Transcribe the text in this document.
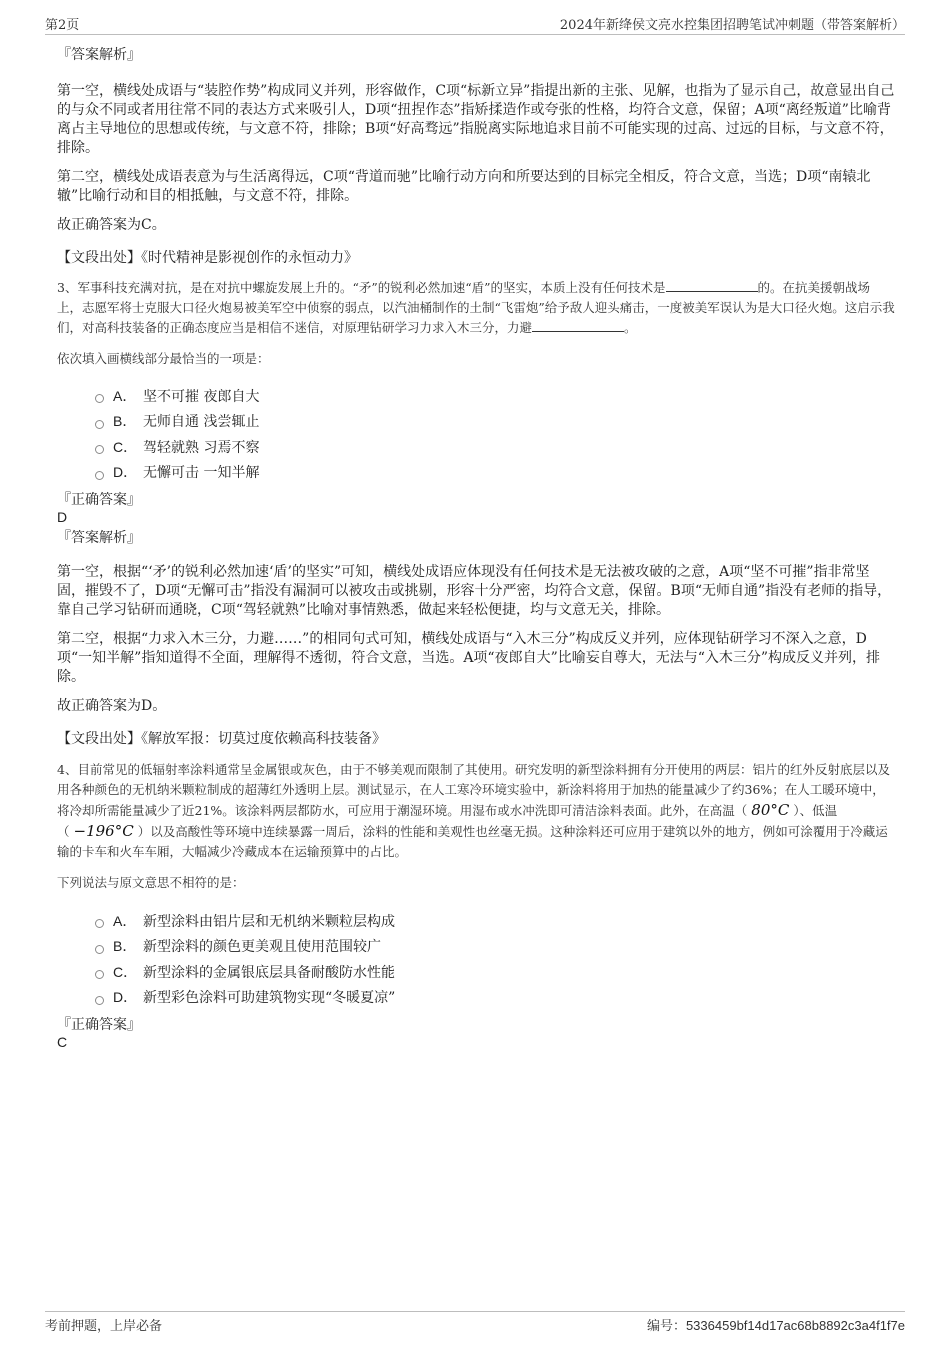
第2页	2024年新绛侯文亮水控集团招聘笔试冲刺题（带答案解析）

『答案解析』

第一空，横线处成语与“装腔作势”构成同义并列，形容做作，C项“标新立异”指提出新的主张、见解，也指为了显示自己，故意显出自己的与众不同或者用往常不同的表达方式来吸引人，D项“扭捏作态”指矫揉造作或夸张的性格，均符合文意，保留；A项“离经叛道”比喻背离占主导地位的思想或传统，与文意不符，排除；B项“好高骛远”指脱离实际地追求目前不可能实现的过高、过远的目标，与文意不符，排除。

第二空，横线处成语表意为与生活离得远，C项“背道而驰”比喻行动方向和所要达到的目标完全相反，符合文意，当选；D项“南辕北辙”比喻行动和目的相抵触，与文意不符，排除。

故正确答案为C。

【文段出处】《时代精神是影视创作的永恒动力》

3、军事科技充满对抗，是在对抗中螺旋发展上升的。“矛”的锐利必然加速“盾”的坚实，本质上没有任何技术是	的。在抗美援朝战场上，志愿军将士克服大口径火炮易被美军空中侦察的弱点，以汽油桶制作的土制“飞雷炮”给予敌人迎头痛击，一度被美军误认为是大口径火炮。这启示我们，对高科技装备的正确态度应当是相信不迷信，对原理钻研学习力求入木三分，力避	。

依次填入画横线部分最恰当的一项是：

A． 坚不可摧 夜郎自大
B． 无师自通 浅尝辄止
C． 驾轻就熟 习焉不察
D． 无懈可击 一知半解

『正确答案』

D

『答案解析』

第一空，根据“‘矛’的锐利必然加速‘盾’的坚实”可知，横线处成语应体现没有任何技术是无法被攻破的之意，A项“坚不可摧”指非常坚固，摧毁不了，D项“无懈可击”指没有漏洞可以被攻击或挑剔，形容十分严密，均符合文意，保留。B项“无师自通”指没有老师的指导，靠自己学习钻研而通晓，C项“驾轻就熟”比喻对事情熟悉，做起来轻松便捷，均与文意无关，排除。

第二空，根据“力求入木三分，力避……”的相同句式可知，横线处成语与“入木三分”构成反义并列，应体现钻研学习不深入之意，D项“一知半解”指知道得不全面，理解得不透彻，符合文意，当选。A项“夜郎自大”比喻妄自尊大，无法与“入木三分”构成反义并列，排除。

故正确答案为D。

【文段出处】《解放军报：切莫过度依赖高科技装备》

4、目前常见的低辐射率涂料通常呈金属银或灰色，由于不够美观而限制了其使用。研究发明的新型涂料拥有分开使用的两层：铝片的红外反射底层以及用各种颜色的无机纳米颗粒制成的超薄红外透明上层。测试显示，在人工寒冷环境实验中，新涂料将用于加热的能量减少了约36%；在人工暖环境中，将冷却所需能量减少了近21%。该涂料两层都防水，可应用于潮湿环境。用湿布或水冲洗即可清洁涂料表面。此外，在高温（ 80°C ）、低温（ −196°C ）以及高酸性等环境中连续暴露一周后，涂料的性能和美观性也丝毫无损。这种涂料还可应用于建筑以外的地方，例如可涂覆用于冷藏运输的卡车和火车车厢，大幅减少冷藏成本在运输预算中的占比。

下列说法与原文意思不相符的是：

A． 新型涂料由铝片层和无机纳米颗粒层构成
B． 新型涂料的颜色更美观且使用范围较广
C． 新型涂料的金属银底层具备耐酸防水性能
D． 新型彩色涂料可助建筑物实现“冬暖夏凉”

『正确答案』

C

考前押题，上岸必备	编号：5336459bf14d17ac68b8892c3a4f1f7e
